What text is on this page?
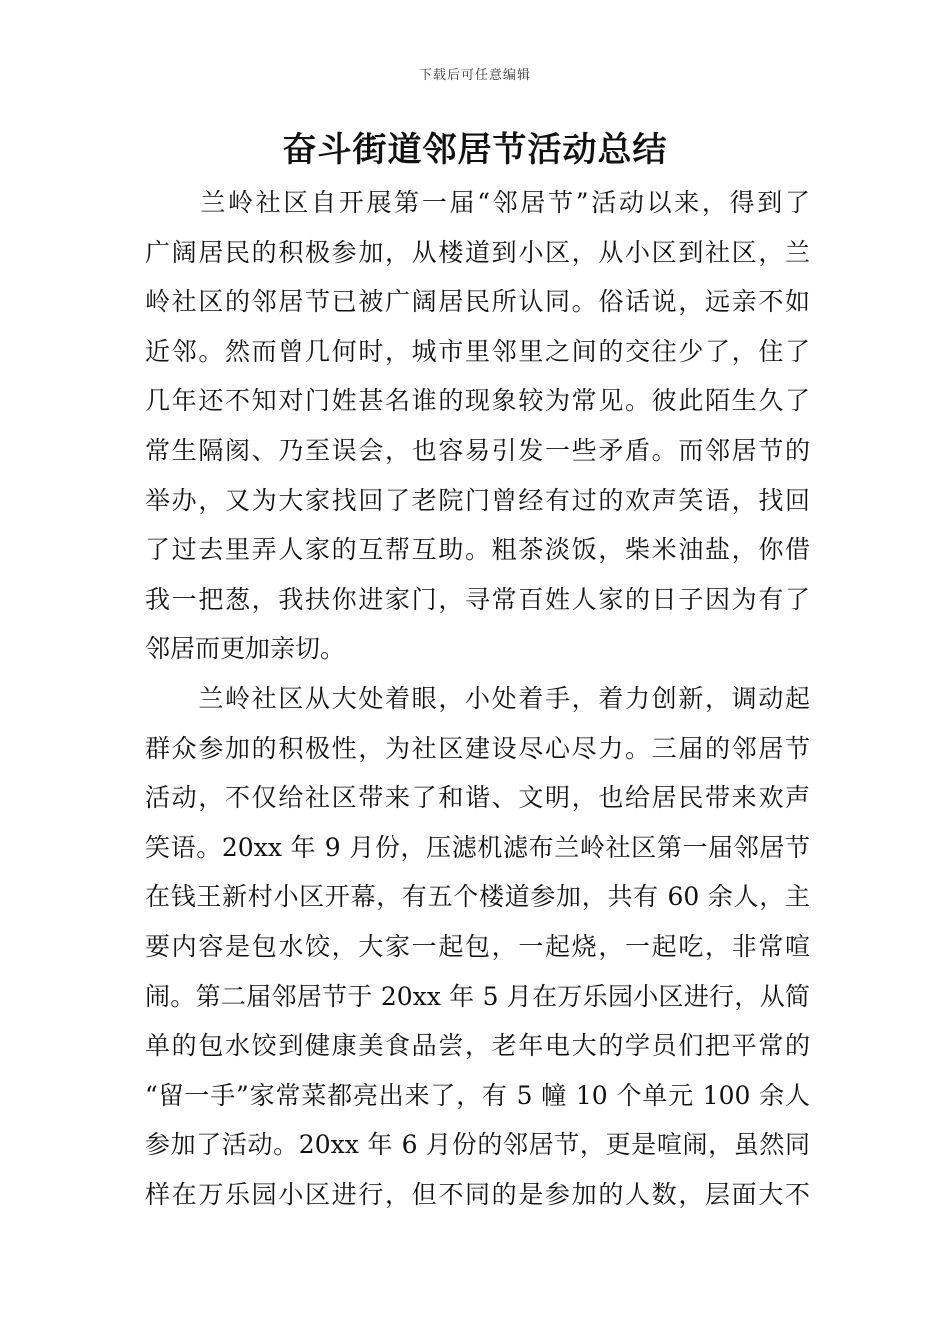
下载后可任意编辑
奋斗街道邻居节活动总结
　　兰岭社区自开展第一届“邻居节”活动以来，得到了
广阔居民的积极参加，从楼道到小区，从小区到社区，兰
岭社区的邻居节已被广阔居民所认同。俗话说，远亲不如
近邻。然而曾几何时，城市里邻里之间的交往少了，住了
几年还不知对门姓甚名谁的现象较为常见。彼此陌生久了
常生隔阂、乃至误会，也容易引发一些矛盾。而邻居节的
举办，又为大家找回了老院门曾经有过的欢声笑语，找回
了过去里弄人家的互帮互助。粗茶淡饭，柴米油盐，你借
我一把葱，我扶你进家门，寻常百姓人家的日子因为有了
邻居而更加亲切。
　　兰岭社区从大处着眼，小处着手，着力创新，调动起
群众参加的积极性，为社区建设尽心尽力。三届的邻居节
活动，不仅给社区带来了和谐、文明，也给居民带来欢声
笑语。20xx 年 9 月份，压滤机滤布兰岭社区第一届邻居节
在钱王新村小区开幕，有五个楼道参加，共有 60 余人，主
要内容是包水饺，大家一起包，一起烧，一起吃，非常喧
闹。第二届邻居节于 20xx 年 5 月在万乐园小区进行，从简
单的包水饺到健康美食品尝，老年电大的学员们把平常的
“留一手”家常菜都亮出来了，有 5 幢 10 个单元 100 余人
参加了活动。20xx 年 6 月份的邻居节，更是喧闹，虽然同
样在万乐园小区进行，但不同的是参加的人数，层面大不
